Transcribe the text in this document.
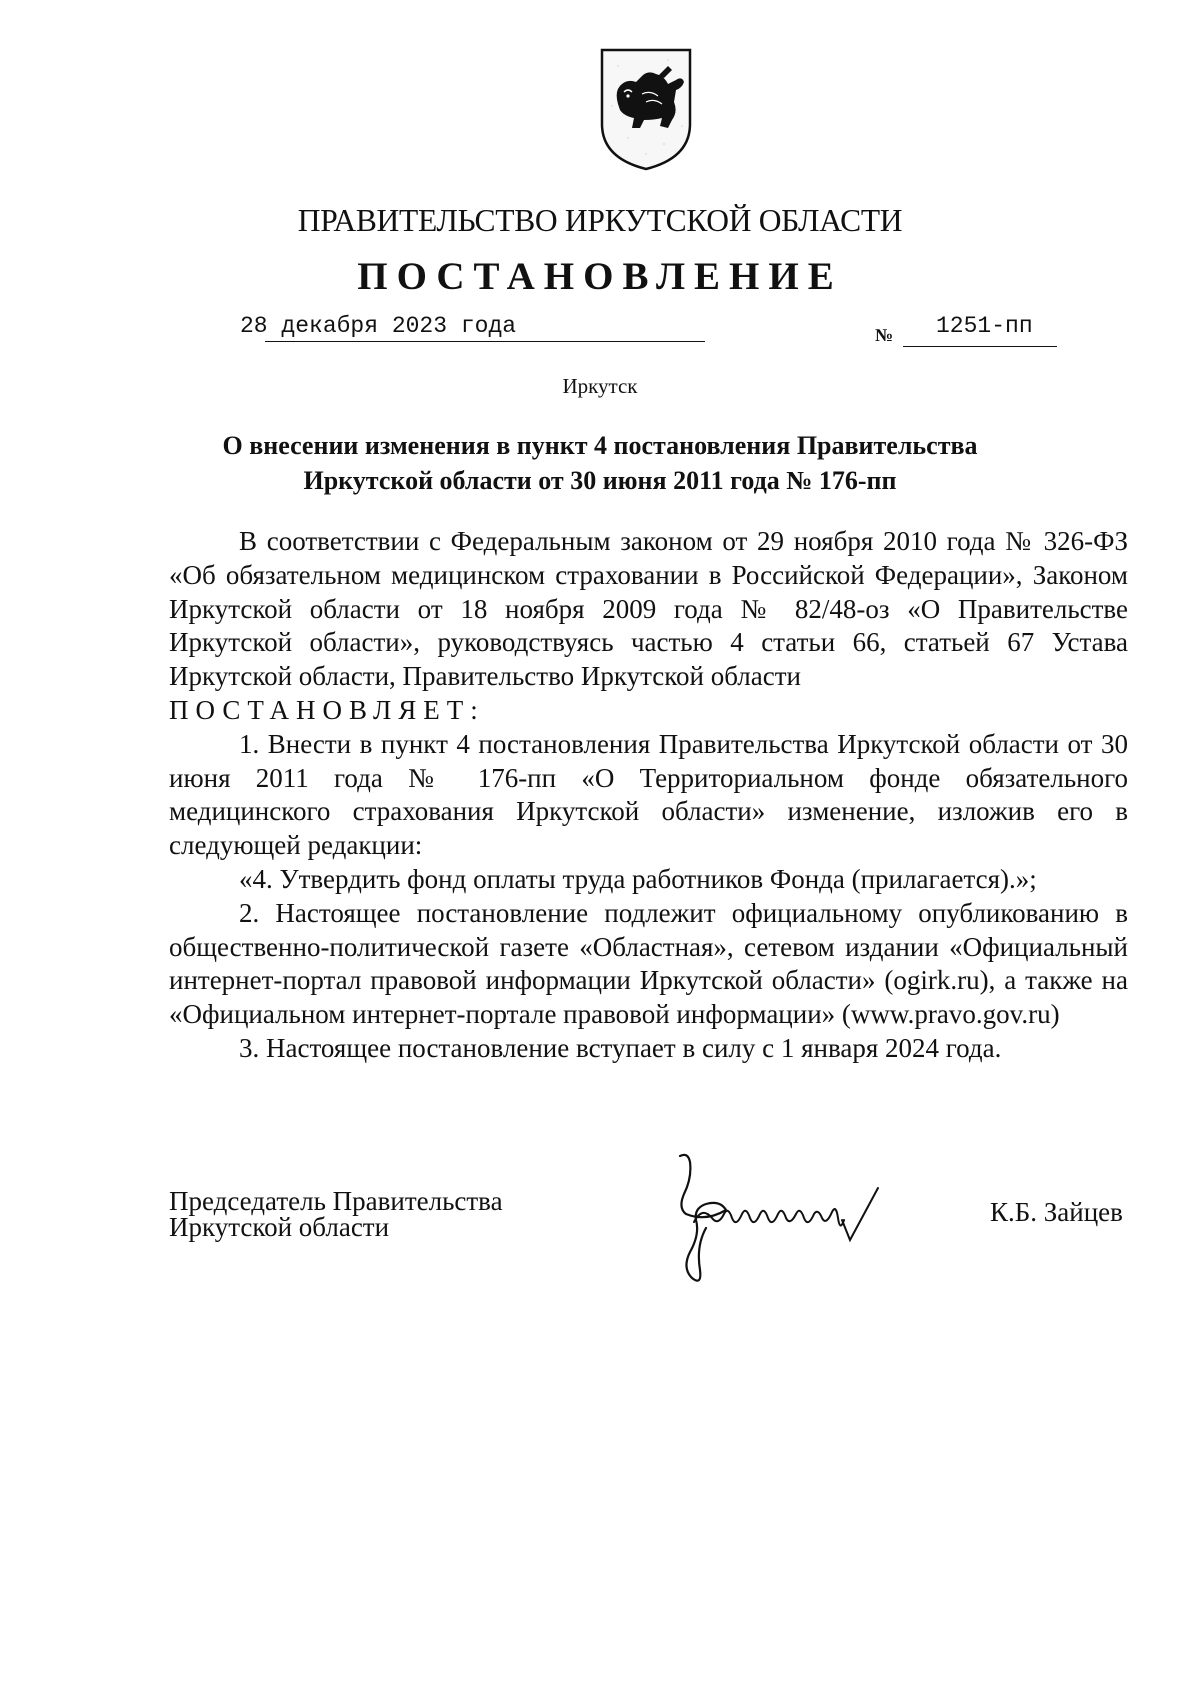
ПРАВИТЕЛЬСТВО ИРКУТСКОЙ ОБЛАСТИ
ПОСТАНОВЛЕНИЕ
28 декабря 2023 года	№ 1251-пп
Иркутск
О внесении изменения в пункт 4 постановления Правительства
Иркутской области от 30 июня 2011 года № 176-пп

В соответствии с Федеральным законом от 29 ноября 2010 года № 326-ФЗ «Об обязательном медицинском страховании в Российской Федерации», Законом Иркутской области от 18 ноября 2009 года № 82/48-оз «О Правительстве Иркутской области», руководствуясь частью 4 статьи 66, статьей 67 Устава Иркутской области, Правительство Иркутской области

ПОСТАНОВЛЯЕТ:

1. Внести в пункт 4 постановления Правительства Иркутской области от 30 июня 2011 года № 176-пп «О Территориальном фонде обязательного медицинского страхования Иркутской области» изменение, изложив его в следующей редакции:

«4. Утвердить фонд оплаты труда работников Фонда (прилагается).»;

2. Настоящее постановление подлежит официальному опубликованию в общественно-политической газете «Областная», сетевом издании «Официальный интернет-портал правовой информации Иркутской области» (ogirk.ru), а также на «Официальном интернет-портале правовой информации» (www.pravo.gov.ru)

3. Настоящее постановление вступает в силу с 1 января 2024 года.

Председатель Правительства
Иркутской области	К.Б. Зайцев
